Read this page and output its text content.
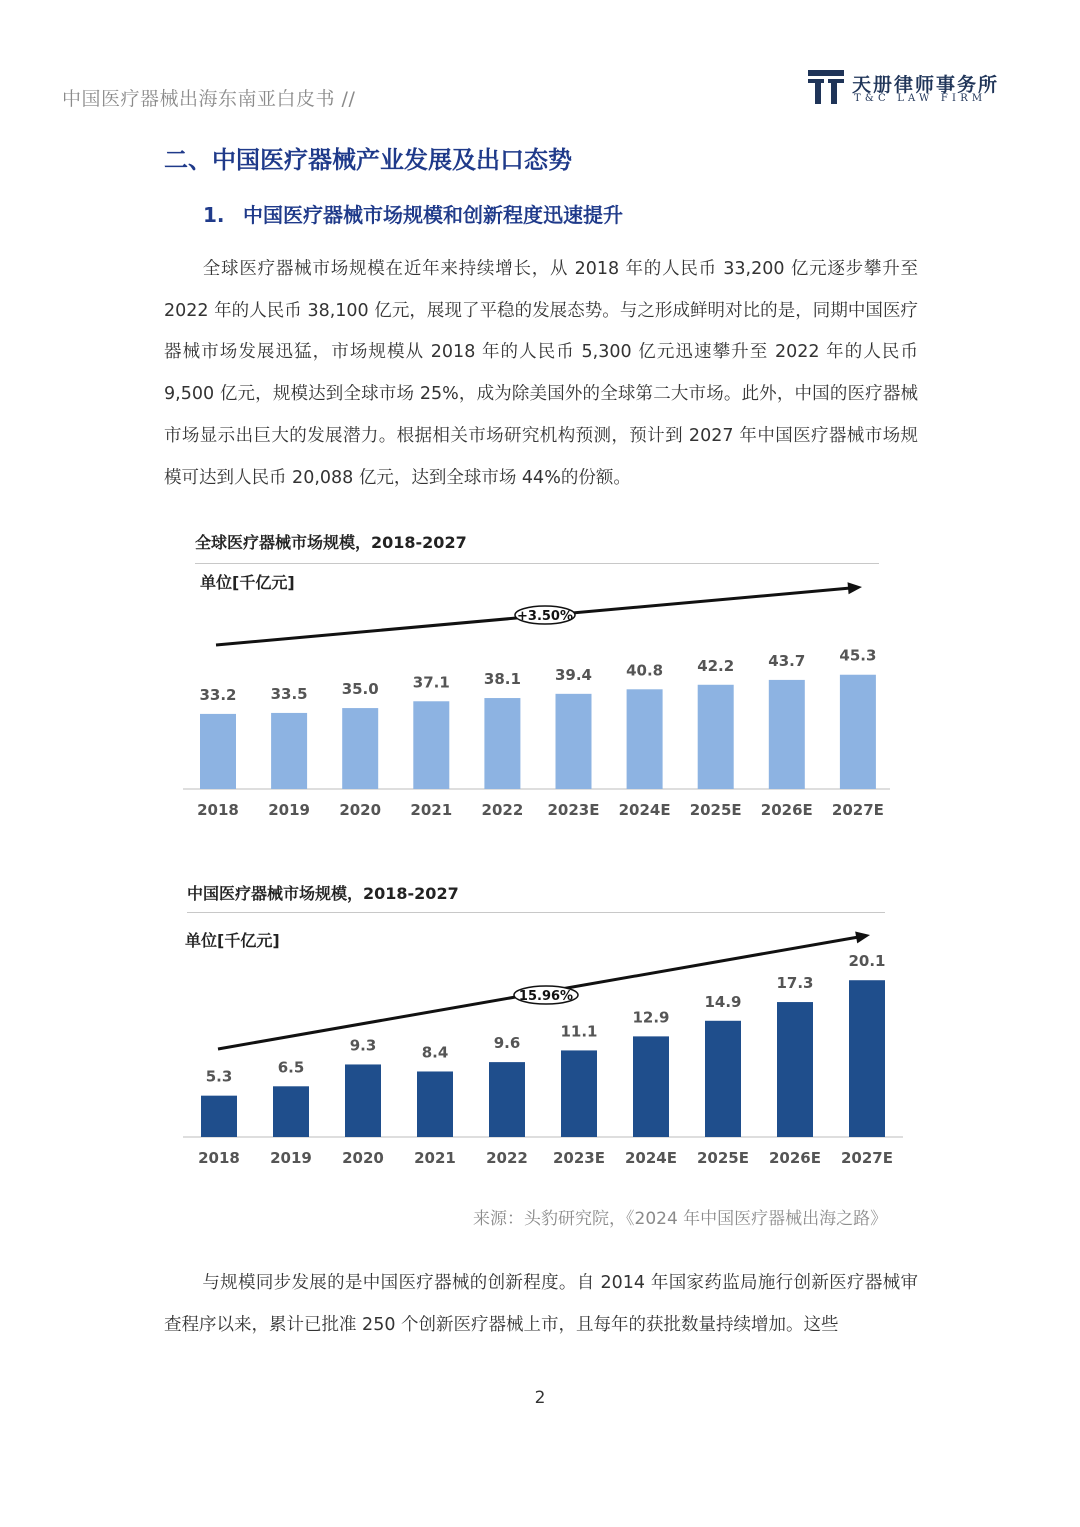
中国医疗器械出海东南亚白皮书 //
天册律师事务所
T&C LAW FIRM
二、中国医疗器械产业发展及出口态势
1. 中国医疗器械市场规模和创新程度迅速提升
全球医疗器械市场规模在近年来持续增长，从 2018 年的人民币 33,200 亿元逐步攀升至 2022 年的人民币 38,100 亿元，展现了平稳的发展态势。与之形成鲜明对比的是，同期中国医疗器械市场发展迅猛，市场规模从 2018 年的人民币 5,300 亿元迅速攀升至 2022 年的人民币 9,500 亿元，规模达到全球市场 25%，成为除美国外的全球第二大市场。此外，中国的医疗器械市场显示出巨大的发展潜力。根据相关市场研究机构预测，预计到 2027 年中国医疗器械市场规模可达到人民币 20,088 亿元，达到全球市场 44%的份额。
全球医疗器械市场规模，2018-2027
单位[千亿元]
33.2
2018
33.5
2019
35.0
2020
37.1
2021
38.1
2022
39.4
2023E
40.8
2024E
42.2
2025E
43.7
2026E
45.3
2027E
+3.50%
中国医疗器械市场规模，2018-2027
单位[千亿元]
5.3
2018
6.5
2019
9.3
2020
8.4
2021
9.6
2022
11.1
2023E
12.9
2024E
14.9
2025E
17.3
2026E
20.1
2027E
15.96%
来源：头豹研究院，《2024 年中国医疗器械出海之路》
与规模同步发展的是中国医疗器械的创新程度。自 2014 年国家药监局施行创新医疗器械审查程序以来，累计已批准 250 个创新医疗器械上市，且每年的获批数量持续增加。这些
2
